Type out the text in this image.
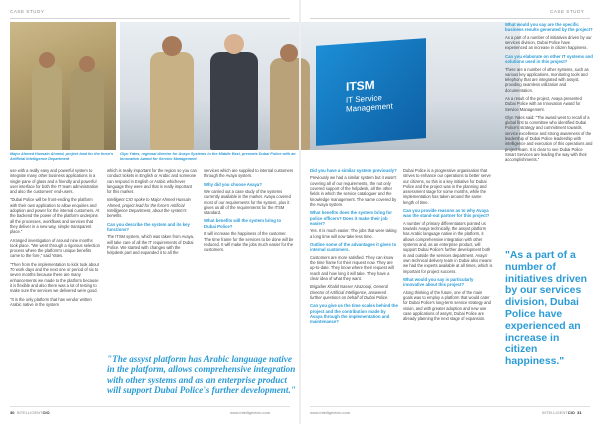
CASE STUDY
Major Ahmed Hussain Ahmed, project lead for the force's Artificial Intelligence Department

use with a really easy and powerful system to integrate many other business applications in a single pane of glass and a friendly and powerful user interface for both the IT team administration and also the customers' end-users.

"Dubai Police will be front-ending the platform with their own application to allow enquiries and adoption and power for the internal customers. At the backend the power of the platform underpins all the processes, workflows and services that they deliver in a new way, simple transparent place."

Arranged investigation of around nine months took place. "We went through a rigorous selection process where the platform's unique benefits came to the fore," said Yates.

"Then from the implementation to kick took about 70 work days and the next one or period of six to seven months because there are many enhancements we made to the platform because it is flexible and also there was a lot of testing to make sure the services we delivered were good.

"It is the only platform that has vendor written Arabic native in the system

which is really important for the region so you can conduct tickets in English or Arabic and someone can respond in English or Arabic whichever language they were and that is really important for this market.

Intelligent CIO spoke to Major Ahmed Hussain Ahmed, project lead for the force's Artificial Intelligence Department, about the system's benefits.

Can you describe the system and its key functions?

The ITSM system, which was taken from Avaya, will take care of all the IT requirements of Dubai Police. We started with changes with the helpdesk part and expanded it to all the

services which are supplied to internal customers through the Avaya system.

Why did you choose Avaya?

We carried out a case study of the systems currently available in the market. Avaya covered most of our requirements for the system, plus it gives us all of the requirements for the ITSM standard.

What benefits will the system bring to Dubai Police?

It will increase the happiness of the customer. The time frame for the services to be done will be reduced. It will make the jobs much easier for the customers.

"The assyst platform has Arabic language native in the platform, allows comprehensive integration with other systems and as an enterprise product will support Dubai Police's further development."
30 INTELLIGENTCIO	www.intelligentcio.com
ITSM
IT Service Management
Glyn Yates, regional director for Avaya Systems in the Middle East, presents Dubai Police with an Innovation Award for Service Management
CASE STUDY

Did you have a similar system previously?

Previously we had a similar system but it wasn't covering all of our requirements, the not only covered support of the helpdesk, all the other fields in which the service cataloguer and the knowledge management. The same covered by the Avaya system.

What benefits does the system bring for police officers? Does it make their job easier?

Yes. It is much easier. The jobs that were taking a long time will now take less time.

Outline some of the advantages it gives to internal customers.

Customers are more satisfied. They can know the time frame for their request now. They are up-to-date. They know where their request will reach and how long it will take. They have a clear idea of what they want.

Brigadier Khalid Nasser Alrazooqi, General Director of Artificial Intelligence, answered further questions on behalf of Dubai Police.

Can you give us the time scales behind the project and the contribution made by Avaya through the implementation and maintenance?

Dubai Police is a progressive organisation that strives to enhance our operations to better serve our citizens, so this is a key initiative for Dubai Police and the project was in the planning and assessment stage for some months, while the implementation has taken around the same length of time.

Can you provide reasons as to why Avaya was the stand-out partner for this project?

A number of primary differentiators pointed us towards Avaya technically, the assyst platform has Arabic language native in the platform, it allows comprehensive integration with other systems and, as an enterprise product, will support Dubai Police's further development both in and outside the services department. Avaya' own technical delivery team in Dubai also means we had the experts available at all times, which is important for project success.

What would you say is particularly innovative about this project?

Along thinking of the future, one of the main goals was to employ a platform that would cater for Dubai Police's long-term service strategy and vision, and with greater adoption and new use case applications of assyst, Dubai Police are already planning the next stage of expansion.

What would you say are the specific business results generated by the project?

As a part of a number of initiatives driven by our services division, Dubai Police have experienced an increase in citizen happiness.

Can you elaborate on other IT systems and solutions used in this project?

There are a number of other systems, such as various key applications, monitoring tools and telephony that are integrated with assyst, providing seamless utilization and documentation.

As a result of the project, Avaya presented Dubai Police with an Innovation Award for Service Management.

Glyn Yates said: "The award went to recall of a global first to committee who identified Dubai Police's strategy and commitment towards service excellence and strong awareness of the leadership of Dubai Police leadership with intelligence and execution of this operations and project team. It is clear to see Dubai Police Smart Services are leading the way with their accomplishments."

www.intelligentcio.com	INTELLIGENTCIO 31
"As a part of a number of initiatives driven by our services division, Dubai Police have experienced an increase in citizen happiness."
